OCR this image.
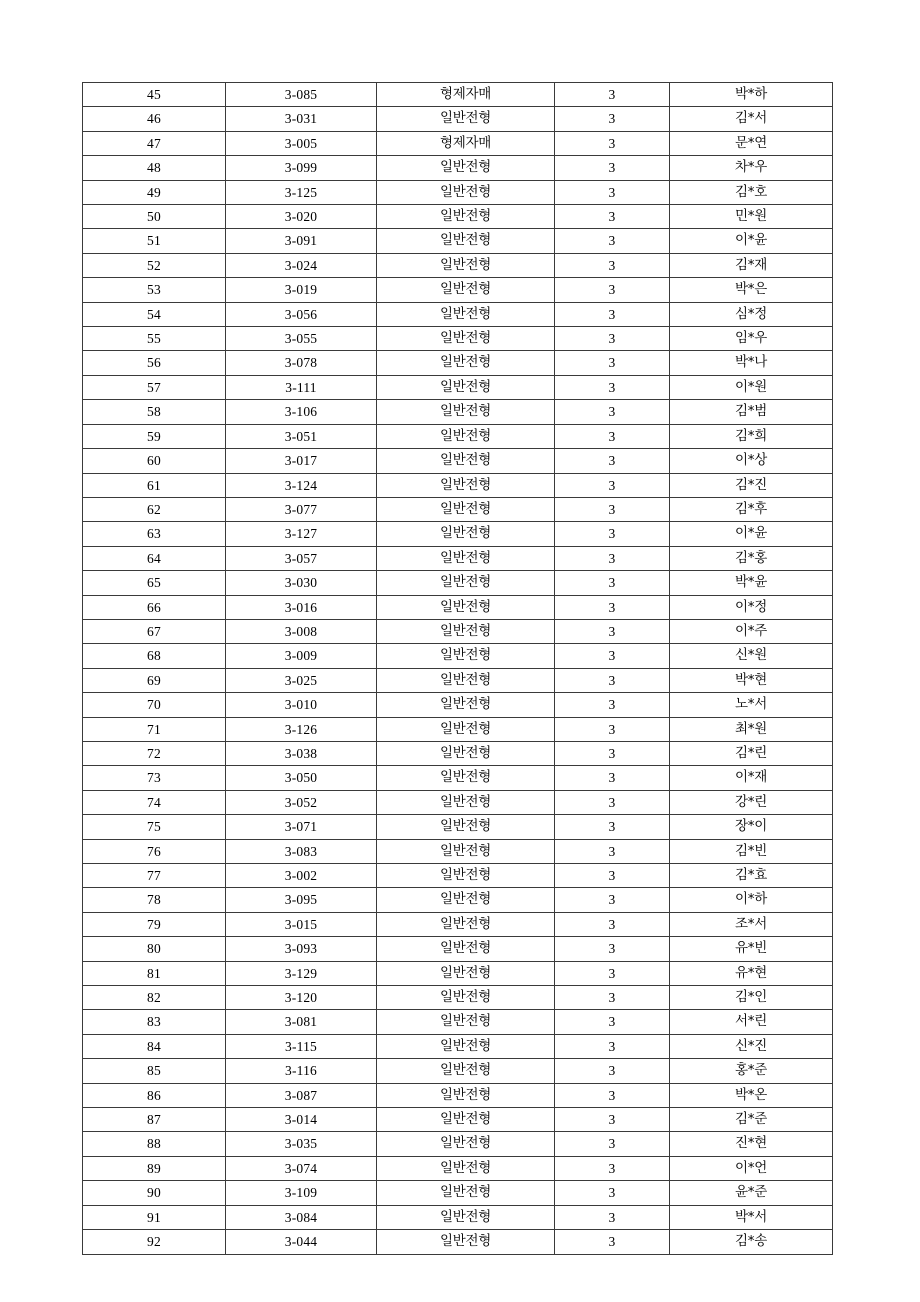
45	3-085	형제자매	3	박*하
46	3-031	일반전형	3	김*서
47	3-005	형제자매	3	문*연
48	3-099	일반전형	3	차*우
49	3-125	일반전형	3	김*호
50	3-020	일반전형	3	민*원
51	3-091	일반전형	3	이*윤
52	3-024	일반전형	3	김*재
53	3-019	일반전형	3	박*은
54	3-056	일반전형	3	심*정
55	3-055	일반전형	3	임*우
56	3-078	일반전형	3	박*나
57	3-111	일반전형	3	이*원
58	3-106	일반전형	3	김*범
59	3-051	일반전형	3	김*희
60	3-017	일반전형	3	이*상
61	3-124	일반전형	3	김*진
62	3-077	일반전형	3	김*후
63	3-127	일반전형	3	이*윤
64	3-057	일반전형	3	김*홍
65	3-030	일반전형	3	박*윤
66	3-016	일반전형	3	이*정
67	3-008	일반전형	3	이*주
68	3-009	일반전형	3	신*원
69	3-025	일반전형	3	박*현
70	3-010	일반전형	3	노*서
71	3-126	일반전형	3	최*원
72	3-038	일반전형	3	김*린
73	3-050	일반전형	3	이*재
74	3-052	일반전형	3	강*린
75	3-071	일반전형	3	장*이
76	3-083	일반전형	3	김*빈
77	3-002	일반전형	3	김*효
78	3-095	일반전형	3	이*하
79	3-015	일반전형	3	조*서
80	3-093	일반전형	3	유*빈
81	3-129	일반전형	3	유*현
82	3-120	일반전형	3	김*인
83	3-081	일반전형	3	서*린
84	3-115	일반전형	3	신*진
85	3-116	일반전형	3	홍*준
86	3-087	일반전형	3	박*온
87	3-014	일반전형	3	김*준
88	3-035	일반전형	3	진*현
89	3-074	일반전형	3	이*언
90	3-109	일반전형	3	윤*준
91	3-084	일반전형	3	박*서
92	3-044	일반전형	3	김*송
